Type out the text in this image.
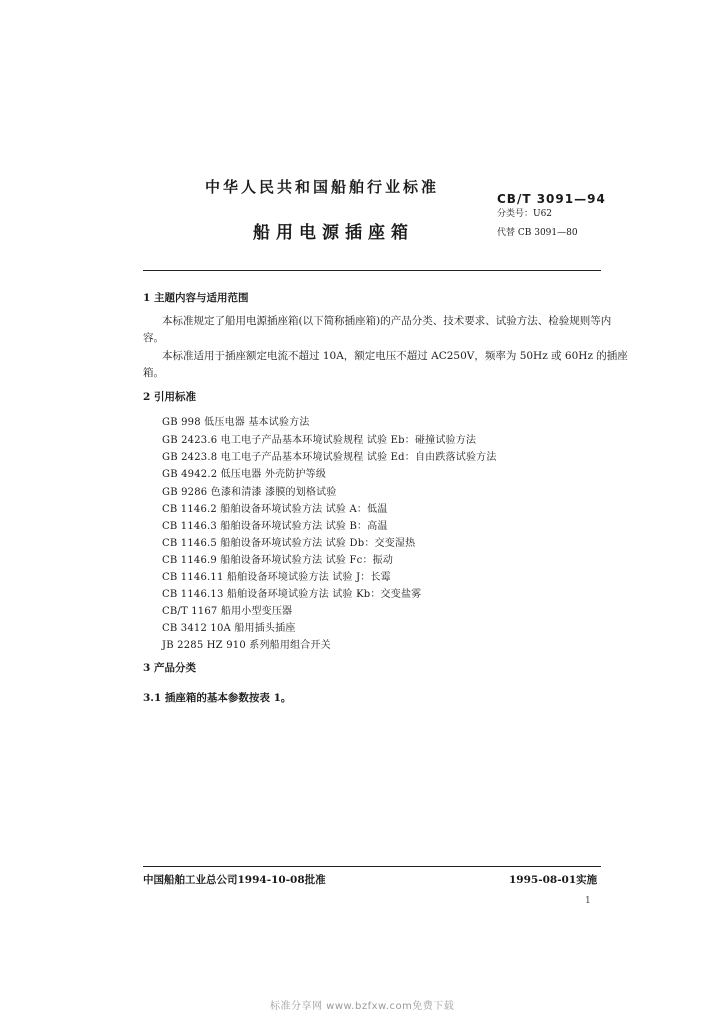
中华人民共和国船舶行业标准
船用电源插座箱
CB/T 3091—94
分类号：U62
代替 CB 3091—80
1 主题内容与适用范围
本标准规定了船用电源插座箱(以下简称插座箱)的产品分类、技术要求、试验方法、检验规则等内
容。
本标准适用于插座额定电流不超过 10A，额定电压不超过 AC250V，频率为 50Hz 或 60Hz 的插座
箱。
2 引用标准
GB 998 低压电器 基本试验方法
GB 2423.6 电工电子产品基本环境试验规程 试验 Eb：碰撞试验方法
GB 2423.8 电工电子产品基本环境试验规程 试验 Ed：自由跌落试验方法
GB 4942.2 低压电器 外壳防护等级
GB 9286 色漆和清漆 漆膜的划格试验
CB 1146.2 船舶设备环境试验方法 试验 A：低温
CB 1146.3 船舶设备环境试验方法 试验 B：高温
CB 1146.5 船舶设备环境试验方法 试验 Db：交变湿热
CB 1146.9 船舶设备环境试验方法 试验 Fc：振动
CB 1146.11 船舶设备环境试验方法 试验 J：长霉
CB 1146.13 船舶设备环境试验方法 试验 Kb：交变盐雾
CB/T 1167 船用小型变压器
CB 3412 10A 船用插头插座
JB 2285 HZ 910 系列船用组合开关
3 产品分类
3.1 插座箱的基本参数按表 1。
中国船舶工业总公司1994-10-08批准	1995-08-01实施
1
标准分享网 www.bzfxw.com免费下载
